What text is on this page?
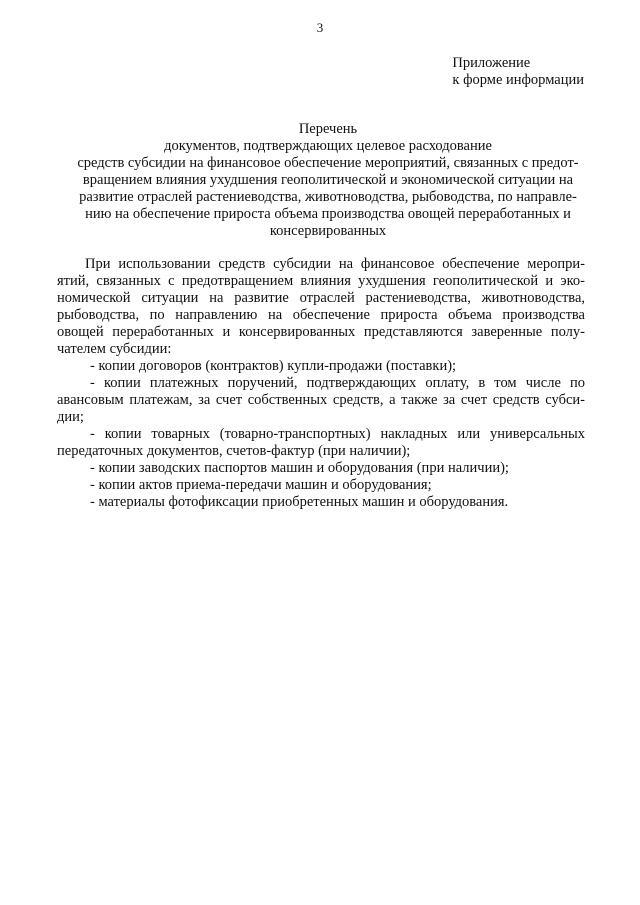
3
Приложение
к форме информации
Перечень
документов, подтверждающих целевое расходование
средств субсидии на финансовое обеспечение мероприятий, связанных с предот-
вращением влияния ухудшения геополитической и экономической ситуации на
развитие отраслей растениеводства, животноводства, рыбоводства, по направле-
нию на обеспечение прироста объема производства овощей переработанных и
консервированных
При использовании средств субсидии на финансовое обеспечение меропри-
ятий, связанных с предотвращением влияния ухудшения геополитической и эко-
номической ситуации на развитие отраслей растениеводства, животноводства,
рыбоводства, по направлению на обеспечение прироста объема производства
овощей переработанных и консервированных представляются заверенные полу-
чателем субсидии:
- копии договоров (контрактов) купли-продажи (поставки);
- копии платежных поручений, подтверждающих оплату, в том числе по
авансовым платежам, за счет собственных средств, а также за счет средств субси-
дии;
- копии товарных (товарно-транспортных) накладных или универсальных
передаточных документов, счетов-фактур (при наличии);
- копии заводских паспортов машин и оборудования (при наличии);
- копии актов приема-передачи машин и оборудования;
- материалы фотофиксации приобретенных машин и оборудования.
